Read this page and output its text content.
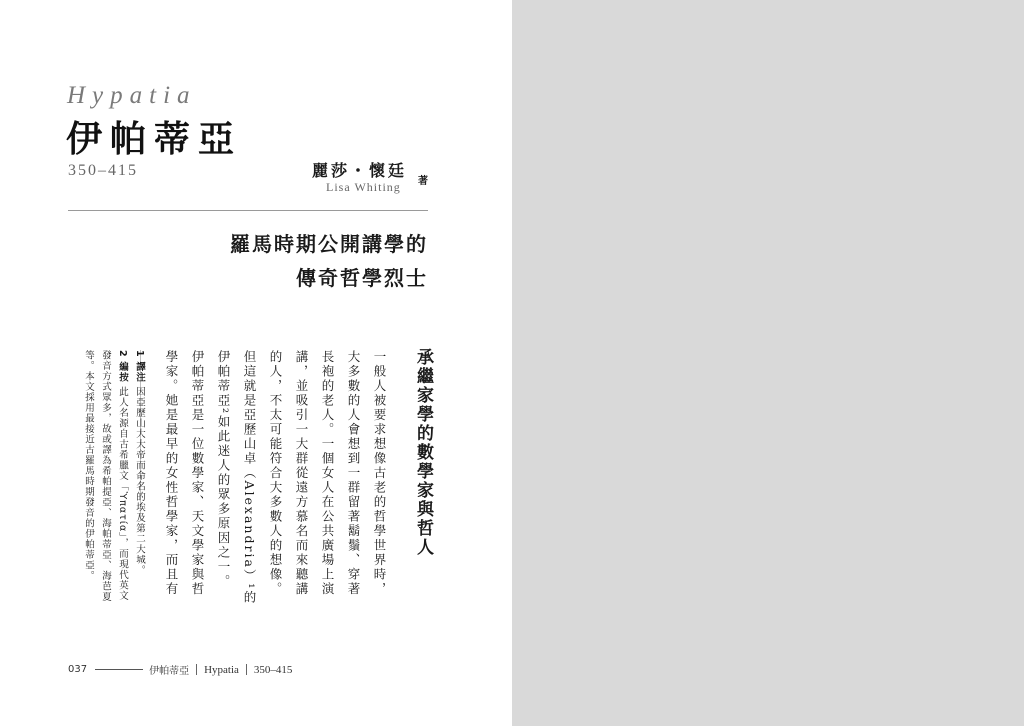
Hypatia
伊帕蒂亞
350–415	麗莎・懷廷
Lisa Whiting 著
羅馬時期公開講學的
傳奇哲學烈士
承繼家學的數學家與哲人
一般人被要求想像古老的哲學世界時，大多數的人會想到一群留著鬍鬚、穿著長袍的老人。一個女人在公共廣場上演講，並吸引一大群從遠方慕名而來聽講的人，不太可能符合大多數人的想像。但這就是亞歷山卓（Alexandria）¹的伊帕蒂亞²如此迷人的眾多原因之一。
伊帕蒂亞是一位數學家、天文學家與哲學家。她是最早的女性哲學家，而且有
1 譯注 因亞歷山大大帝而命名的埃及第二大城。
2 編按 此人名源自古希臘文「Ὑπατία」，而現代英文發音方式眾多，故或譯為希帕提亞、海帕蒂亞、海芭夏等。本文採用最接近古羅馬時期發音的伊帕蒂亞。
037	伊帕蒂亞 Hypatia 350–415
